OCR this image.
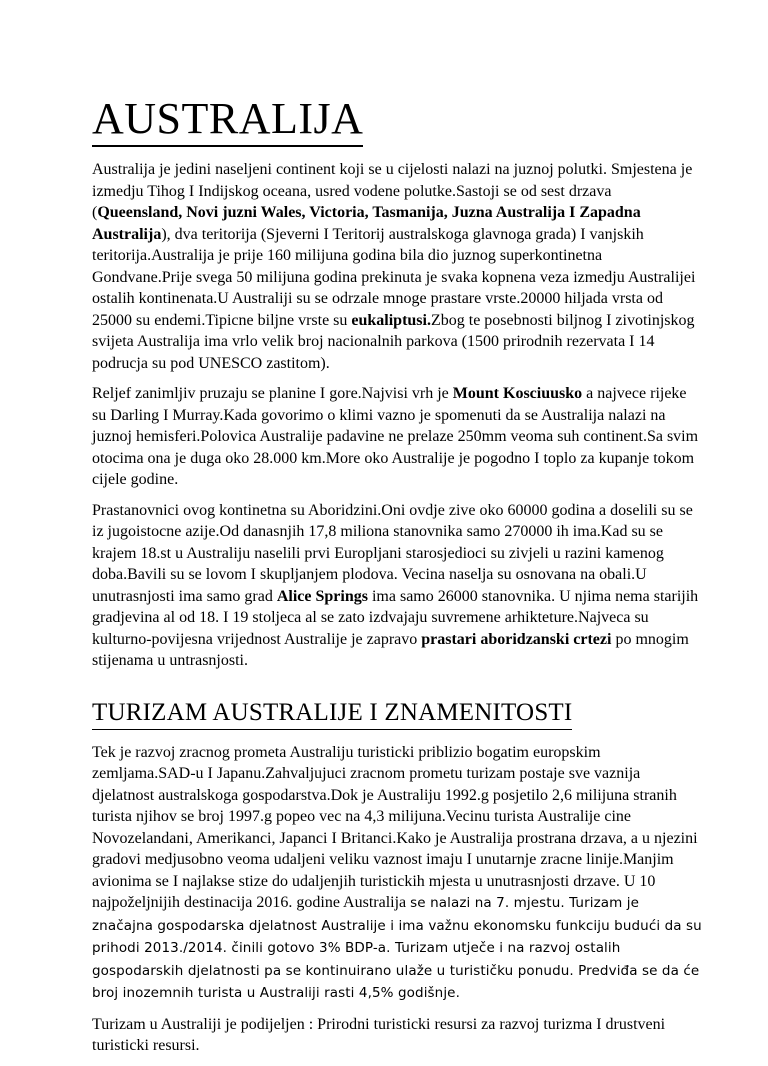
AUSTRALIJA

Australija je jedini naseljeni continent koji se u cijelosti nalazi na juznoj polutki. Smjestena je izmedju Tihog I Indijskog oceana, usred vodene polutke.Sastoji se od sest drzava (Queensland, Novi juzni Wales, Victoria, Tasmanija, Juzna Australija I Zapadna Australija), dva teritorija (Sjeverni I Teritorij australskoga glavnoga grada) I vanjskih teritorija.Australija je prije 160 milijuna godina bila dio juznog superkontinetna Gondvane.Prije svega 50 milijuna godina prekinuta je svaka kopnena veza izmedju Australijei ostalih kontinenata.U Australiji su se odrzale mnoge prastare vrste.20000 hiljada vrsta od 25000 su endemi.Tipicne biljne vrste su eukaliptusi.Zbog te posebnosti biljnog I zivotinjskog svijeta Australija ima vrlo velik broj nacionalnih parkova (1500 prirodnih rezervata I 14 podrucja su pod UNESCO zastitom).

Reljef zanimljiv pruzaju se planine I gore.Najvisi vrh je Mount Kosciuusko a najvece rijeke su Darling I Murray.Kada govorimo o klimi vazno je spomenuti da se Australija nalazi na juznoj hemisferi.Polovica Australije padavine ne prelaze 250mm veoma suh continent.Sa svim otocima ona je duga oko 28.000 km.More oko Australije je pogodno I toplo za kupanje tokom cijele godine.

Prastanovnici ovog kontinetna su Aboridzini.Oni ovdje zive oko 60000 godina a doselili su se iz jugoistocne azije.Od danasnjih 17,8 miliona stanovnika samo 270000 ih ima.Kad su se krajem 18.st u Australiju naselili prvi Europljani starosjedioci su zivjeli u razini kamenog doba.Bavili su se lovom I skupljanjem plodova. Vecina naselja su osnovana na obali.U unutrasnjosti ima samo grad Alice Springs ima samo 26000 stanovnika. U njima nema starijih gradjevina al od 18. I 19 stoljeca al se zato izdvajaju suvremene arhikteture.Najveca su kulturno-povijesna vrijednost Australije je zapravo prastari aboridzanski crtezi po mnogim stijenama u untrasnjosti.

TURIZAM AUSTRALIJE I ZNAMENITOSTI

Tek je razvoj zracnog prometa Australiju turisticki priblizio bogatim europskim zemljama.SAD-u I Japanu.Zahvaljujuci zracnom prometu turizam postaje sve vaznija djelatnost australskoga gospodarstva.Dok je Australiju 1992.g posjetilo 2,6 milijuna stranih turista njihov se broj 1997.g popeo vec na 4,3 milijuna.Vecinu turista Australije cine Novozelandani, Amerikanci, Japanci I Britanci.Kako je Australija prostrana drzava, a u njezini gradovi medjusobno veoma udaljeni veliku vaznost imaju I unutarnje zracne linije.Manjim avionima se I najlakse stize do udaljenjih turistickih mjesta u unutrasnjosti drzave. U 10 najpoželjnijih destinacija 2016. godine Australija se nalazi na 7. mjestu. Turizam je značajna gospodarska djelatnost Australije i ima važnu ekonomsku funkciju budući da su prihodi 2013./2014. činili gotovo 3% BDP-a. Turizam utječe i na razvoj ostalih gospodarskih djelatnosti pa se kontinuirano ulaže u turističku ponudu. Predviđa se da će broj inozemnih turista u Australiji rasti 4,5% godišnje.

Turizam u Australiji je podijeljen : Prirodni turisticki resursi za razvoj turizma I drustveni turisticki resursi.
